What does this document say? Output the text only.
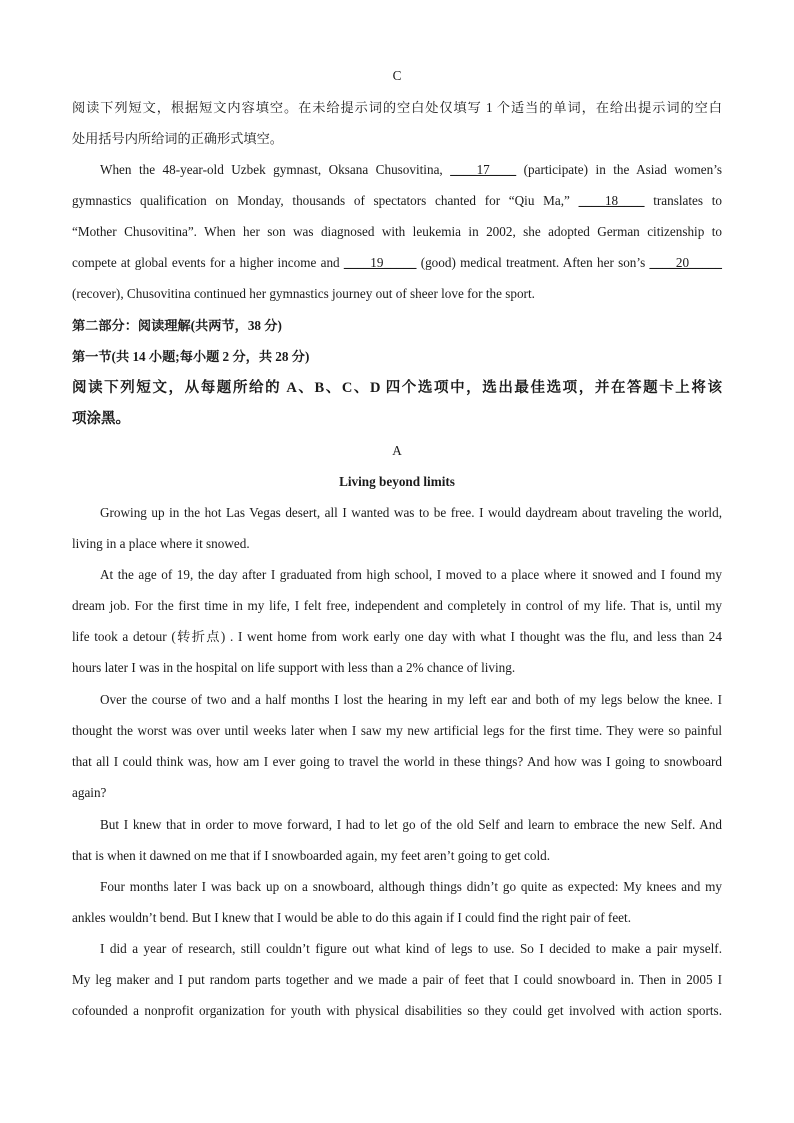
C
阅读下列短文，根据短文内容填空。在未给提示词的空白处仅填写 1 个适当的单词，在给出提示词的空白
处用括号内所给词的正确形式填空。
When the 48-year-old Uzbek gymnast, Oksana Chusovitina, ____17____ (participate) in the Asiad women’s
gymnastics qualification on Monday, thousands of spectators chanted for “Qiu Ma,” ____18____ translates to
“Mother Chusovitina”. When her son was diagnosed with leukemia in 2002, she adopted German citizenship to
compete at global events for a higher income and ____19_____ (good) medical treatment. Aften her son’s ____20_____
(recover), Chusovitina continued her gymnastics journey out of sheer love for the sport.
第二部分：阅读理解(共两节，38 分)
第一节(共 14 小题;每小题 2 分，共 28 分)
阅读下列短文，从每题所给的 A、B、C、D 四个选项中，选出最佳选项，并在答题卡上将该
项涂黑。
A
Living beyond limits
Growing up in the hot Las Vegas desert, all I wanted was to be free. I would daydream about traveling the world,
living in a place where it snowed.
At the age of 19, the day after I graduated from high school, I moved to a place where it snowed and I found my
dream job. For the first time in my life, I felt free, independent and completely in control of my life. That is, until my
life took a detour (转折点) . I went home from work early one day with what I thought was the flu, and less than 24
hours later I was in the hospital on life support with less than a 2% chance of living.
Over the course of two and a half months I lost the hearing in my left ear and both of my legs below the knee. I
thought the worst was over until weeks later when I saw my new artificial legs for the first time. They were so painful
that all I could think was, how am I ever going to travel the world in these things? And how was I going to snowboard
again?
But I knew that in order to move forward, I had to let go of the old Self and learn to embrace the new Self. And
that is when it dawned on me that if I snowboarded again, my feet aren’t going to get cold.
Four months later I was back up on a snowboard, although things didn’t go quite as expected: My knees and my
ankles wouldn’t bend. But I knew that I would be able to do this again if I could find the right pair of feet.
I did a year of research, still couldn’t figure out what kind of legs to use. So I decided to make a pair myself.
My leg maker and I put random parts together and we made a pair of feet that I could snowboard in. Then in 2005 I
cofounded a nonprofit organization for youth with physical disabilities so they could get involved with action sports.
